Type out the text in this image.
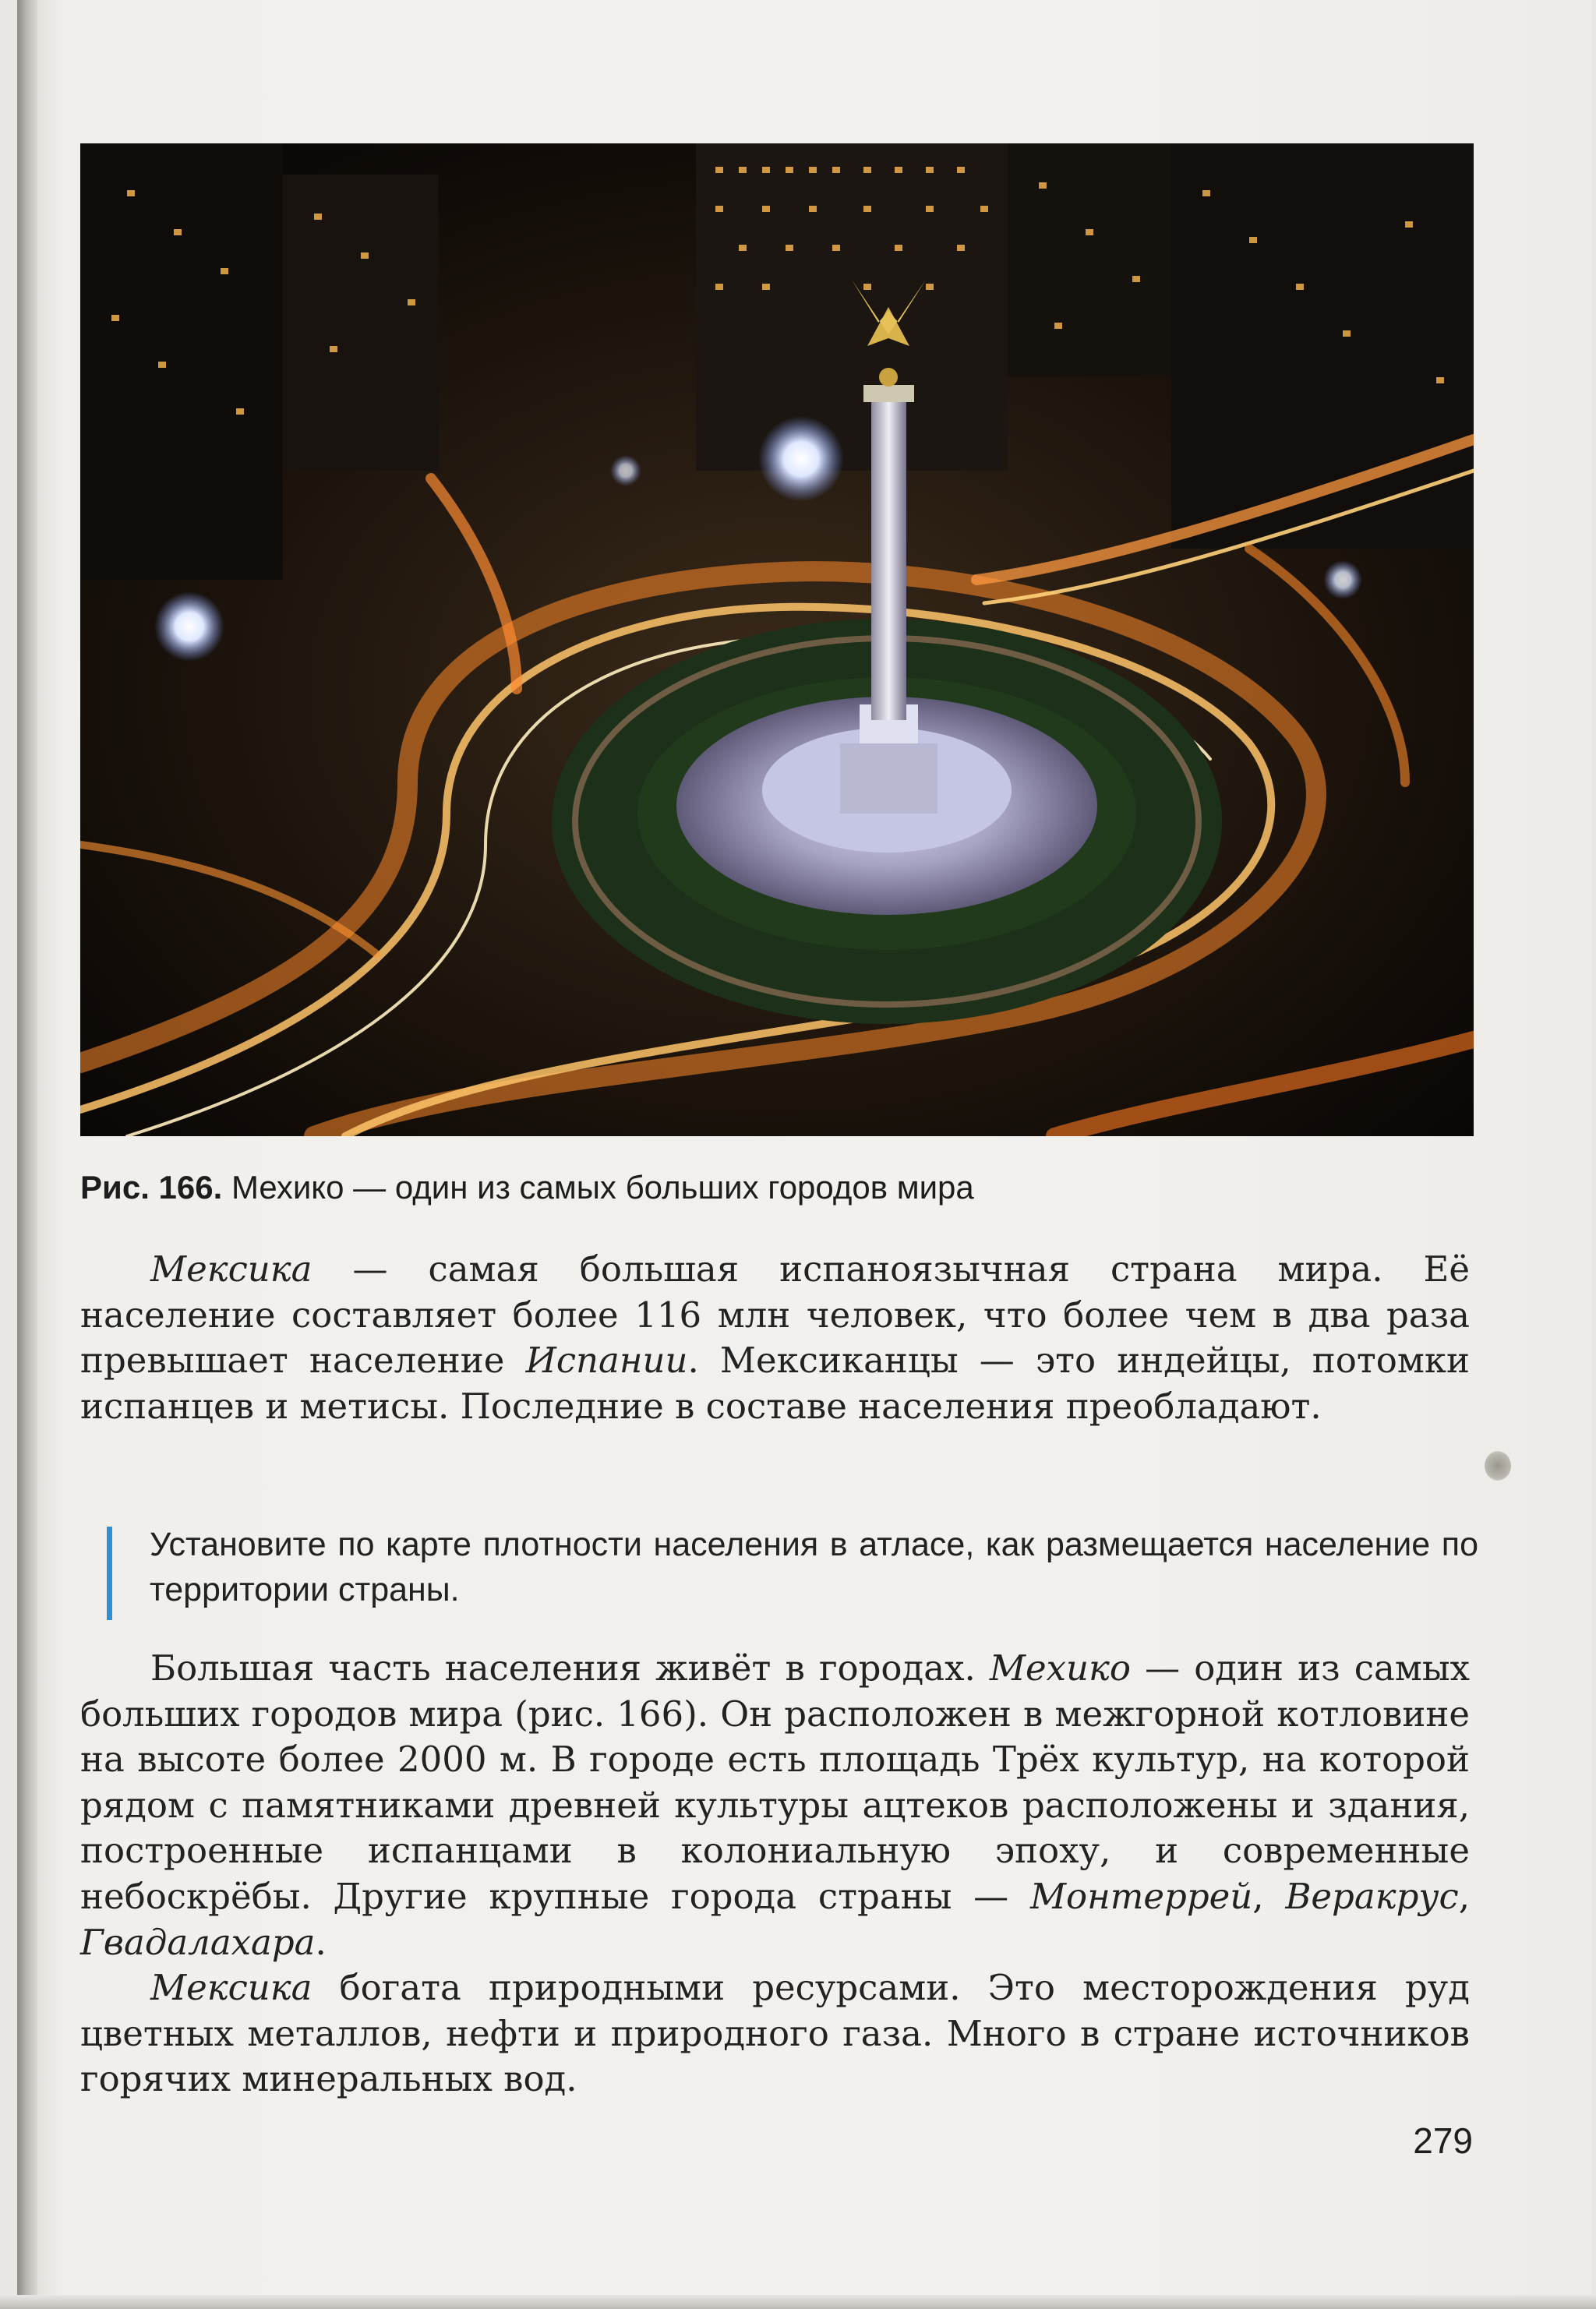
Рис. 166. Мехико — один из самых больших городов мира
Мексика — самая большая испаноязычная страна мира. Её население составляет более 116 млн человек, что более чем в два раза превышает население Испании. Мексиканцы — это индейцы, потомки испанцев и метисы. Последние в составе населения преобладают.
Установите по карте плотности населения в атласе, как размещается население по территории страны.
Большая часть населения живёт в городах. Мехико — один из самых больших городов мира (рис. 166). Он расположен в межгорной котловине на высоте более 2000 м. В городе есть площадь Трёх культур, на которой рядом с памятниками древней культуры ацтеков расположены и здания, построенные испанцами в колониальную эпоху, и современные небоскрёбы. Другие крупные города страны — Монтеррей, Веракрус, Гвадалахара.
Мексика богата природными ресурсами. Это месторождения руд цветных металлов, нефти и природного газа. Много в стране источников горячих минеральных вод.
279
